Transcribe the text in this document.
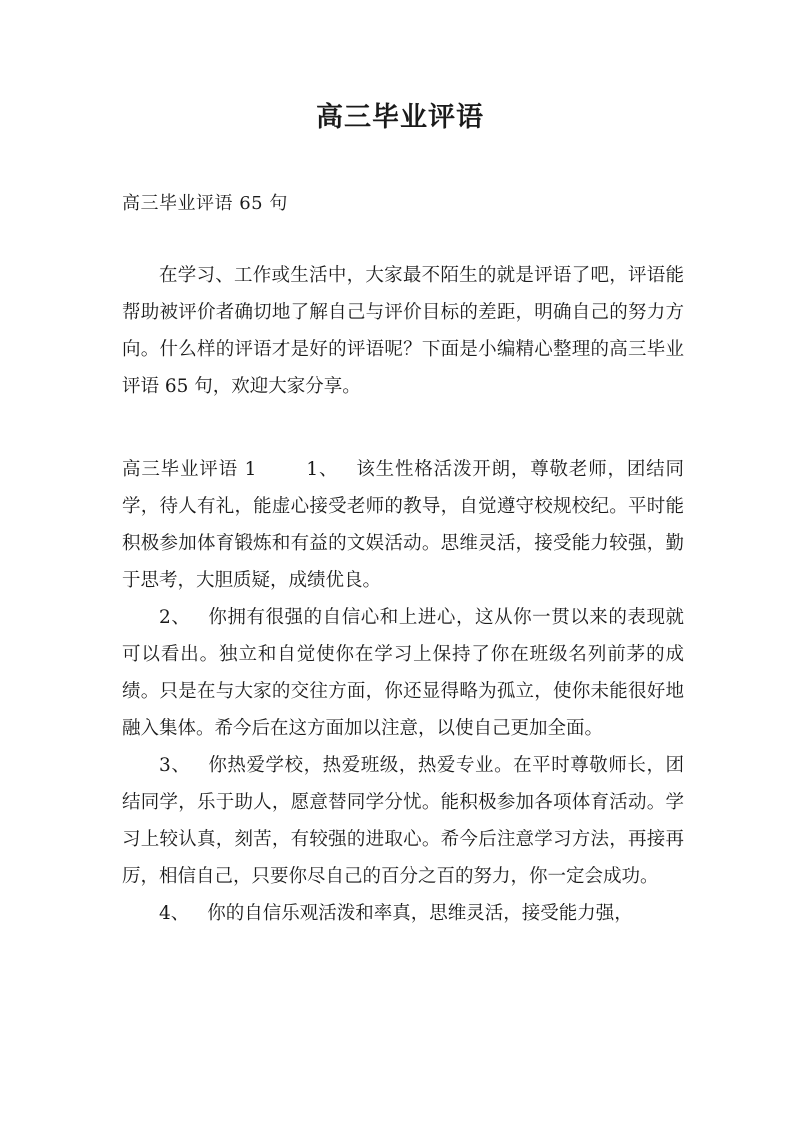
高三毕业评语

高三毕业评语 65 句

在学习、工作或生活中，大家最不陌生的就是评语了吧，评语能帮助被评价者确切地了解自己与评价目标的差距，明确自己的努力方向。什么样的评语才是好的评语呢？下面是小编精心整理的高三毕业评语 65 句，欢迎大家分享。

高三毕业评语 1	1、 该生性格活泼开朗，尊敬老师，团结同学，待人有礼，能虚心接受老师的教导，自觉遵守校规校纪。平时能积极参加体育锻炼和有益的文娱活动。思维灵活，接受能力较强，勤于思考，大胆质疑，成绩优良。

2、 你拥有很强的自信心和上进心，这从你一贯以来的表现就可以看出。独立和自觉使你在学习上保持了你在班级名列前茅的成绩。只是在与大家的交往方面，你还显得略为孤立，使你未能很好地融入集体。希今后在这方面加以注意，以使自己更加全面。

3、 你热爱学校，热爱班级，热爱专业。在平时尊敬师长，团结同学，乐于助人，愿意替同学分忧。能积极参加各项体育活动。学习上较认真，刻苦，有较强的进取心。希今后注意学习方法，再接再厉，相信自己，只要你尽自己的百分之百的努力，你一定会成功。

4、 你的自信乐观活泼和率真，思维灵活，接受能力强，
